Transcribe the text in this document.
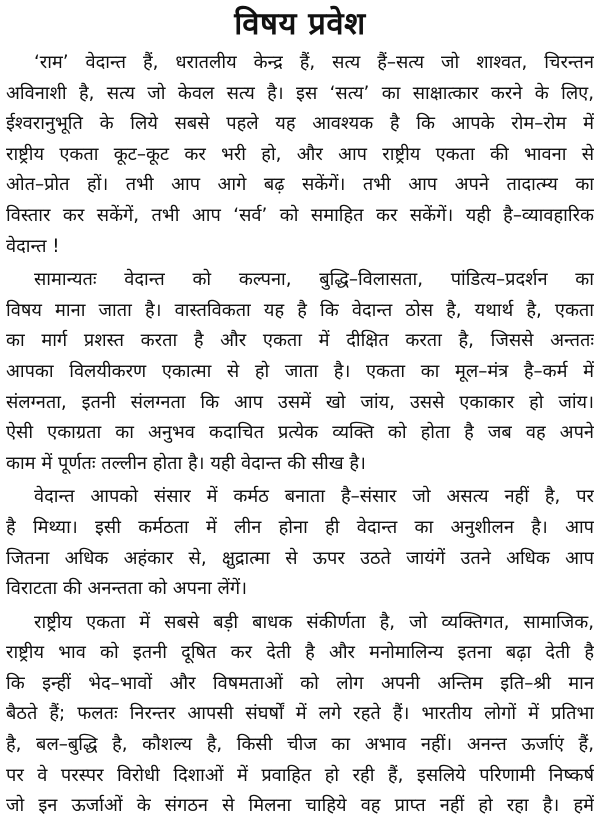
विषय प्रवेश
‘राम’ वेदान्त हैं, धरातलीय केन्द्र हैं, सत्य हैं–सत्य जो शाश्वत, चिरन्तन
अविनाशी है, सत्य जो केवल सत्य है। इस ‘सत्य’ का साक्षात्कार करने के लिए,
ईश्वरानुभूति के लिये सबसे पहले यह आवश्यक है कि आपके रोम–रोम में
राष्ट्रीय एकता कूट–कूट कर भरी हो, और आप राष्ट्रीय एकता की भावना से
ओत–प्रोत हों। तभी आप आगे बढ़ सकेंगें। तभी आप अपने तादात्म्य का
विस्तार कर सकेंगें, तभी आप ‘सर्व’ को समाहित कर सकेंगें। यही है–व्यावहारिक
वेदान्त !
सामान्यतः वेदान्त को कल्पना, बुद्धि–विलासता, पांडित्य–प्रदर्शन का
विषय माना जाता है। वास्तविकता यह है कि वेदान्त ठोस है, यथार्थ है, एकता
का मार्ग प्रशस्त करता है और एकता में दीक्षित करता है, जिससे अन्ततः
आपका विलयीकरण एकात्मा से हो जाता है। एकता का मूल–मंत्र है–कर्म में
संलग्नता, इतनी संलग्नता कि आप उसमें खो जांय, उससे एकाकार हो जांय।
ऐसी एकाग्रता का अनुभव कदाचित प्रत्येक व्यक्ति को होता है जब वह अपने
काम में पूर्णतः तल्लीन होता है। यही वेदान्त की सीख है।
वेदान्त आपको संसार में कर्मठ बनाता है–संसार जो असत्य नहीं है, पर
है मिथ्या। इसी कर्मठता में लीन होना ही वेदान्त का अनुशीलन है। आप
जितना अधिक अहंकार से, क्षुद्रात्मा से ऊपर उठते जायंगें उतने अधिक आप
विराटता की अनन्तता को अपना लेंगें।
राष्ट्रीय एकता में सबसे बड़ी बाधक संकीर्णता है, जो व्यक्तिगत, सामाजिक,
राष्ट्रीय भाव को इतनी दूषित कर देती है और मनोमालिन्य इतना बढ़ा देती है
कि इन्हीं भेद–भावों और विषमताओं को लोग अपनी अन्तिम इति–श्री मान
बैठते हैं; फलतः निरन्तर आपसी संघर्षों में लगे रहते हैं। भारतीय लोगों में प्रतिभा
है, बल–बुद्धि है, कौशल्य है, किसी चीज का अभाव नहीं। अनन्त ऊर्जाएं हैं,
पर वे परस्पर विरोधी दिशाओं में प्रवाहित हो रही हैं, इसलिये परिणामी निष्कर्ष
जो इन ऊर्जाओं के संगठन से मिलना चाहिये वह प्राप्त नहीं हो रहा है। हमें
